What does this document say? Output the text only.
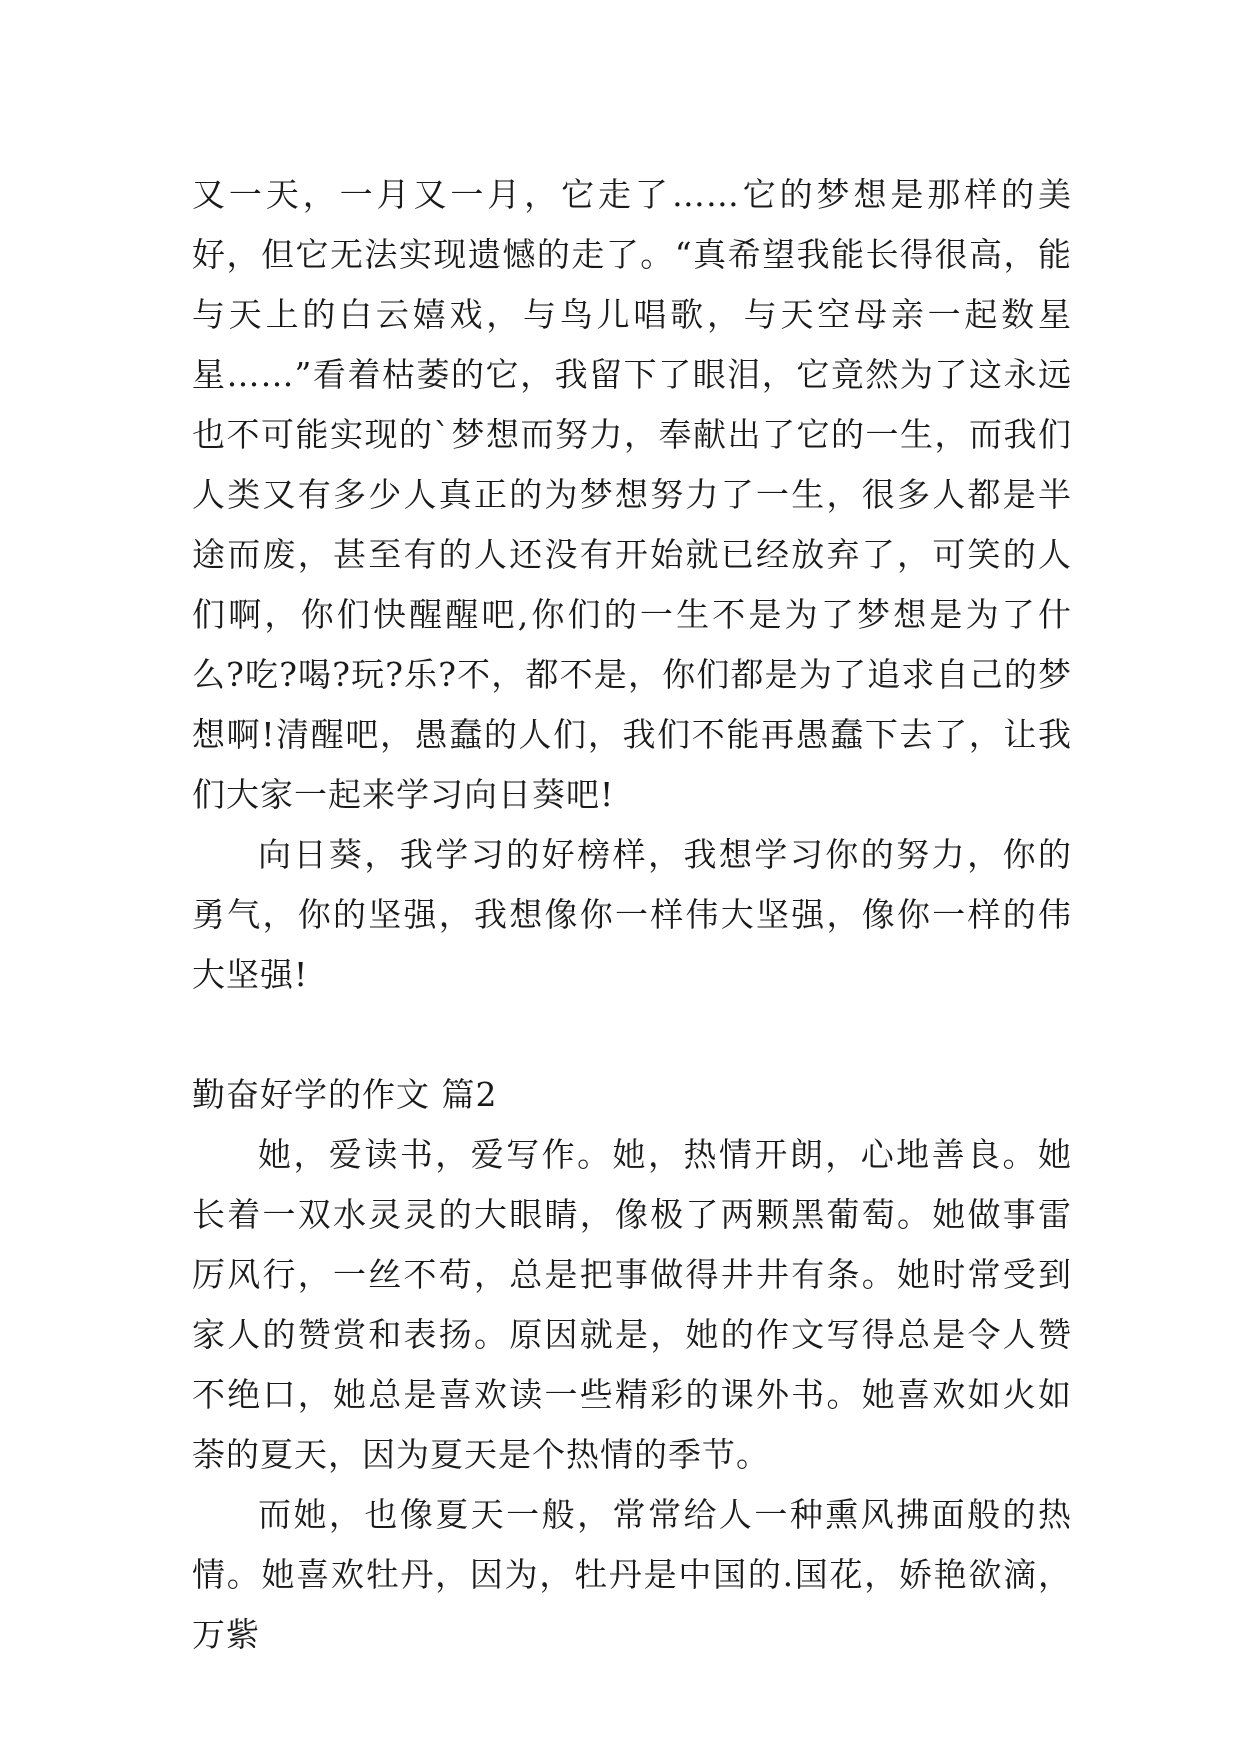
又一天，一月又一月，它走了……它的梦想是那样的美好，但它无法实现遗憾的走了。“真希望我能长得很高，能与天上的白云嬉戏，与鸟儿唱歌，与天空母亲一起数星星……”看着枯萎的它，我留下了眼泪，它竟然为了这永远也不可能实现的`梦想而努力，奉献出了它的一生，而我们人类又有多少人真正的为梦想努力了一生，很多人都是半途而废，甚至有的人还没有开始就已经放弃了，可笑的人们啊，你们快醒醒吧,你们的一生不是为了梦想是为了什么?吃?喝?玩?乐?不，都不是，你们都是为了追求自己的梦想啊!清醒吧，愚蠢的人们，我们不能再愚蠢下去了，让我们大家一起来学习向日葵吧!

向日葵，我学习的好榜样，我想学习你的努力，你的勇气，你的坚强，我想像你一样伟大坚强，像你一样的伟大坚强!

勤奋好学的作文 篇2

她，爱读书，爱写作。她，热情开朗，心地善良。她长着一双水灵灵的大眼睛，像极了两颗黑葡萄。她做事雷厉风行，一丝不苟，总是把事做得井井有条。她时常受到家人的赞赏和表扬。原因就是，她的作文写得总是令人赞不绝口，她总是喜欢读一些精彩的课外书。她喜欢如火如荼的夏天，因为夏天是个热情的季节。

而她，也像夏天一般，常常给人一种熏风拂面般的热情。她喜欢牡丹，因为，牡丹是中国的.国花，娇艳欲滴，万紫
